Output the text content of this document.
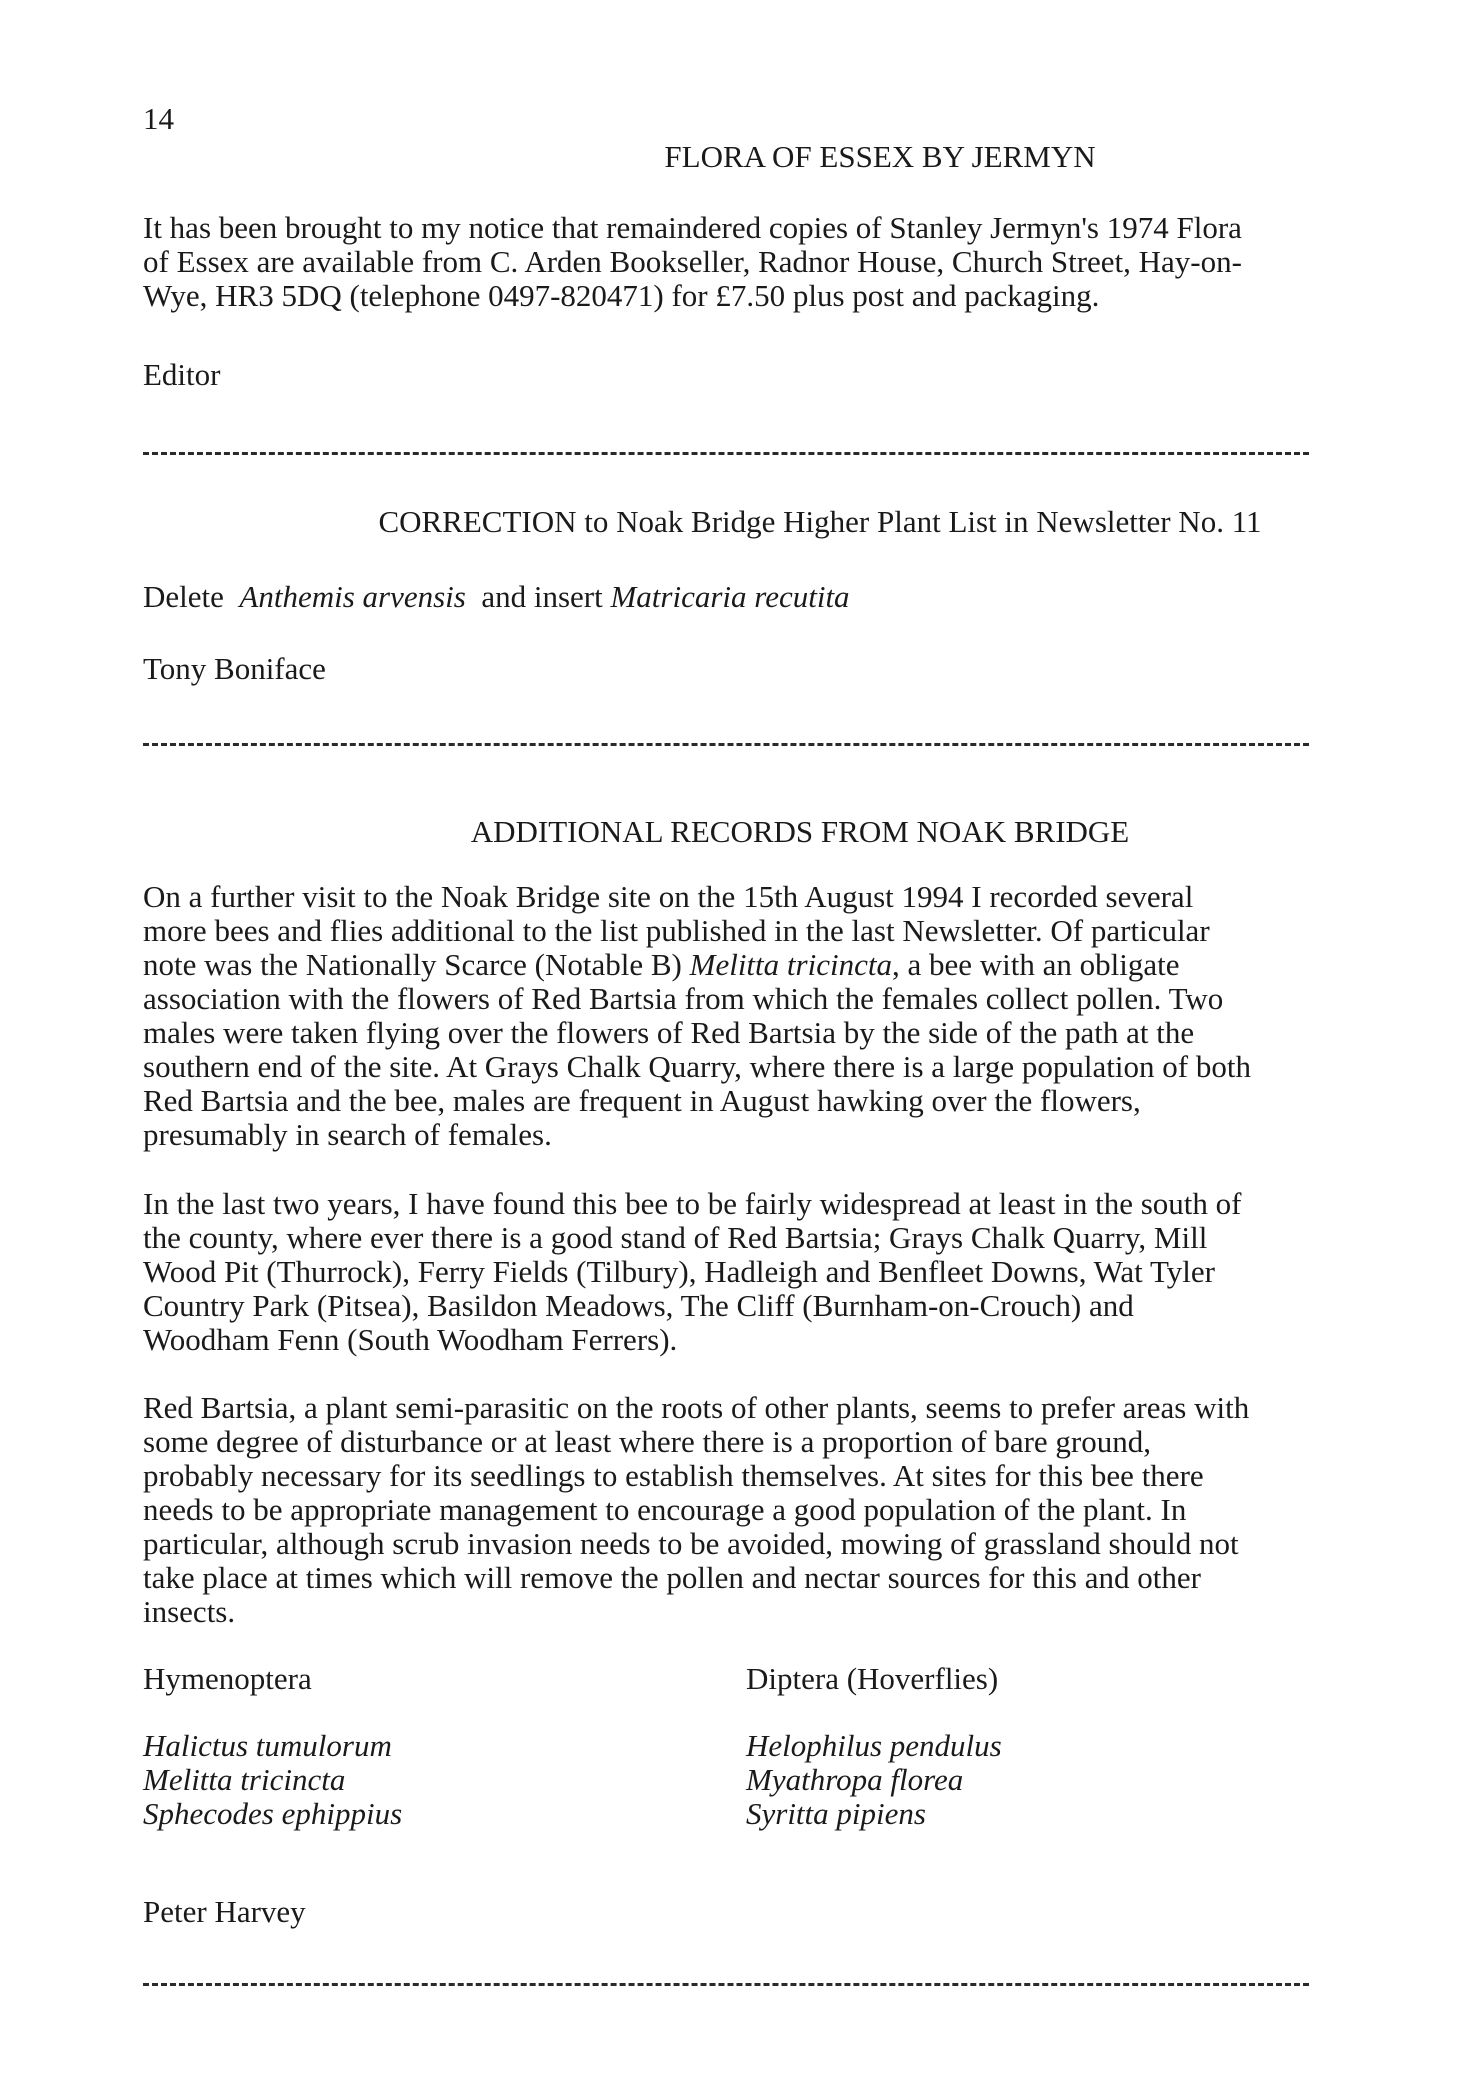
14
FLORA OF ESSEX BY JERMYN
It has been brought to my notice that remaindered copies of Stanley Jermyn's 1974 Flora
of Essex are available from C. Arden Bookseller, Radnor House, Church Street, Hay-on-
Wye, HR3 5DQ (telephone 0497-820471) for £7.50 plus post and packaging.
Editor
CORRECTION to Noak Bridge Higher Plant List in Newsletter No. 11
Delete Anthemis arvensis and insert Matricaria recutita
Tony Boniface
ADDITIONAL RECORDS FROM NOAK BRIDGE
On a further visit to the Noak Bridge site on the 15th August 1994 I recorded several
more bees and flies additional to the list published in the last Newsletter. Of particular
note was the Nationally Scarce (Notable B) Melitta tricincta, a bee with an obligate
association with the flowers of Red Bartsia from which the females collect pollen. Two
males were taken flying over the flowers of Red Bartsia by the side of the path at the
southern end of the site. At Grays Chalk Quarry, where there is a large population of both
Red Bartsia and the bee, males are frequent in August hawking over the flowers,
presumably in search of females.
In the last two years, I have found this bee to be fairly widespread at least in the south of
the county, where ever there is a good stand of Red Bartsia; Grays Chalk Quarry, Mill
Wood Pit (Thurrock), Ferry Fields (Tilbury), Hadleigh and Benfleet Downs, Wat Tyler
Country Park (Pitsea), Basildon Meadows, The Cliff (Burnham-on-Crouch) and
Woodham Fenn (South Woodham Ferrers).
Red Bartsia, a plant semi-parasitic on the roots of other plants, seems to prefer areas with
some degree of disturbance or at least where there is a proportion of bare ground,
probably necessary for its seedlings to establish themselves. At sites for this bee there
needs to be appropriate management to encourage a good population of the plant. In
particular, although scrub invasion needs to be avoided, mowing of grassland should not
take place at times which will remove the pollen and nectar sources for this and other
insects.
Hymenoptera	Diptera (Hoverflies)
Halictus tumulorum
Melitta tricincta
Sphecodes ephippius
Helophilus pendulus
Myathropa florea
Syritta pipiens
Peter Harvey
